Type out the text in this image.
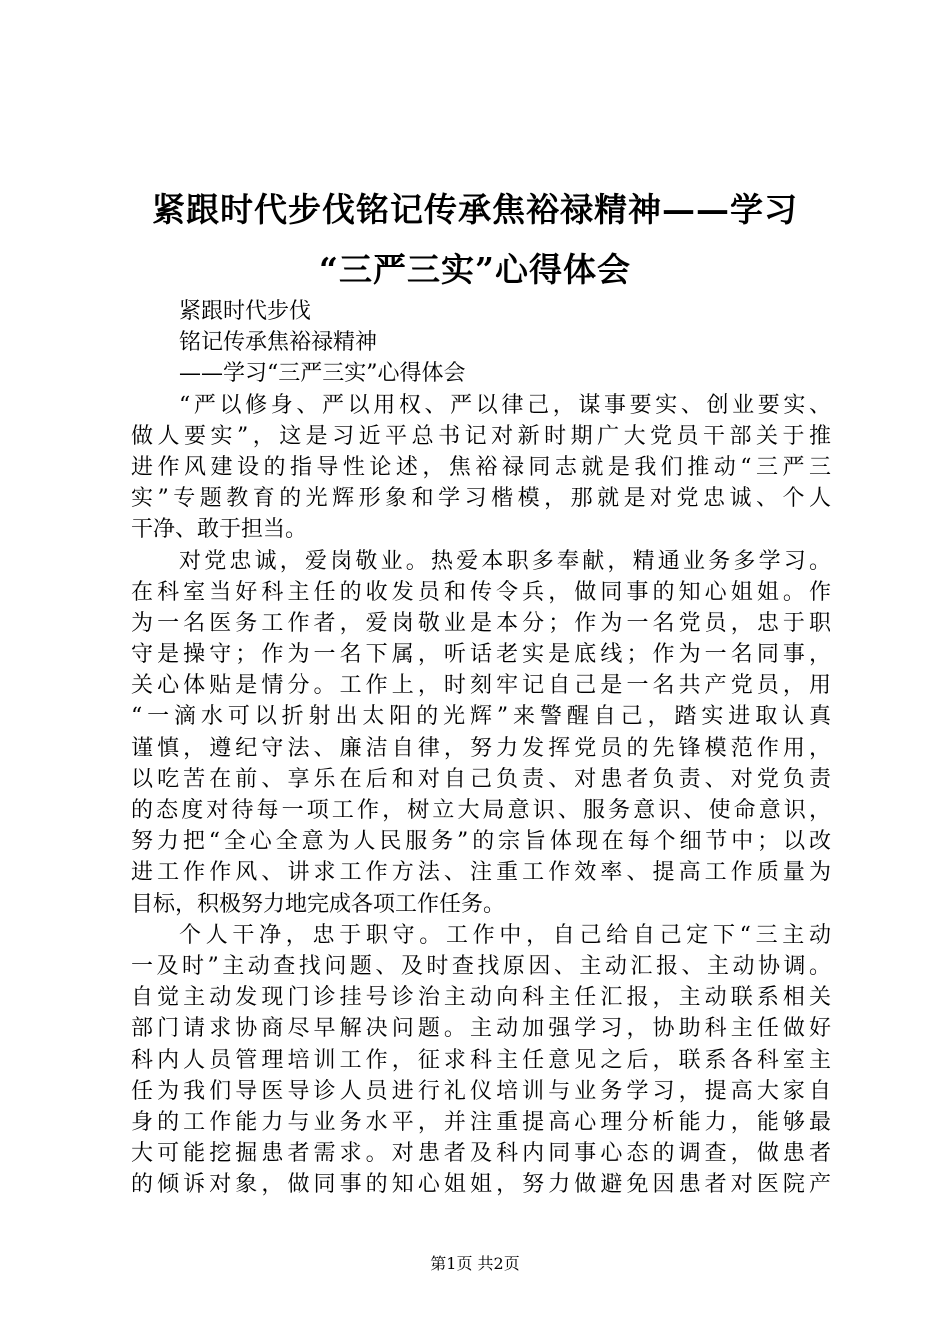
紧跟时代步伐铭记传承焦裕禄精神——学习
“三严三实”心得体会
紧跟时代步伐
铭记传承焦裕禄精神
——学习“三严三实”心得体会
“严以修身、严以用权、严以律己，谋事要实、创业要实、
做人要实”，这是习近平总书记对新时期广大党员干部关于推
进作风建设的指导性论述，焦裕禄同志就是我们推动“三严三
实”专题教育的光辉形象和学习楷模，那就是对党忠诚、个人
干净、敢于担当。
对党忠诚，爱岗敬业。热爱本职多奉献，精通业务多学习。
在科室当好科主任的收发员和传令兵，做同事的知心姐姐。作
为一名医务工作者，爱岗敬业是本分；作为一名党员，忠于职
守是操守；作为一名下属，听话老实是底线；作为一名同事，
关心体贴是情分。工作上，时刻牢记自己是一名共产党员，用
“一滴水可以折射出太阳的光辉”来警醒自己，踏实进取认真
谨慎，遵纪守法、廉洁自律，努力发挥党员的先锋模范作用，
以吃苦在前、享乐在后和对自己负责、对患者负责、对党负责
的态度对待每一项工作，树立大局意识、服务意识、使命意识，
努力把“全心全意为人民服务”的宗旨体现在每个细节中；以改
进工作作风、讲求工作方法、注重工作效率、提高工作质量为
目标，积极努力地完成各项工作任务。
个人干净，忠于职守。工作中，自己给自己定下“三主动
一及时”主动查找问题、及时查找原因、主动汇报、主动协调。
自觉主动发现门诊挂号诊治主动向科主任汇报，主动联系相关
部门请求协商尽早解决问题。主动加强学习，协助科主任做好
科内人员管理培训工作，征求科主任意见之后，联系各科室主
任为我们导医导诊人员进行礼仪培训与业务学习，提高大家自
身的工作能力与业务水平，并注重提高心理分析能力，能够最
大可能挖掘患者需求。对患者及科内同事心态的调查，做患者
的倾诉对象，做同事的知心姐姐，努力做避免因患者对医院产
第1页 共2页
